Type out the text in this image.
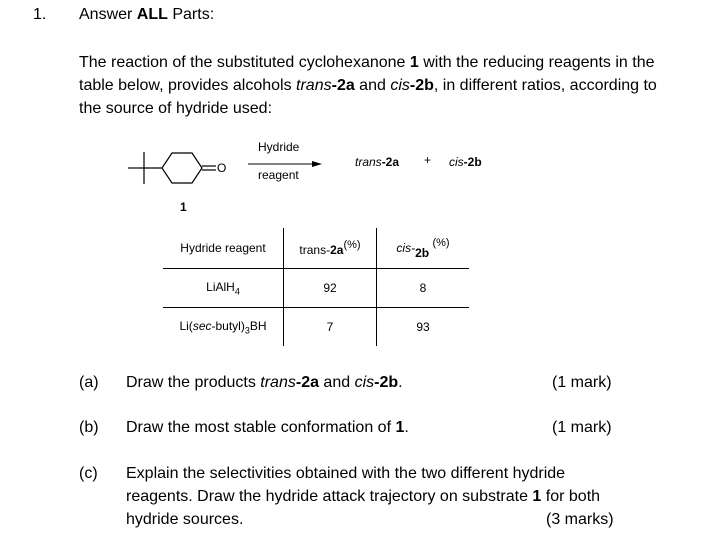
1. Answer ALL Parts:
The reaction of the substituted cyclohexanone 1 with the reducing reagents in the table below, provides alcohols trans-2a and cis-2b, in different ratios, according to the source of hydride used:
O
1
Hydride
reagent
trans-2a + cis-2b
Hydride reagent	trans-2a(%)	cis-2b (%)
LiAlH$_4$	92	8
$Li(\sec-butyl)_3BH$	7	93
(a) Draw the products trans-2a and cis-2b.	(1 mark)
(b) Draw the most stable conformation of 1.	(1 mark)
(c) Explain the selectivities obtained with the two different hydride
reagents. Draw the hydride attack trajectory on substrate 1 for both
hydride sources.	(3 marks)
